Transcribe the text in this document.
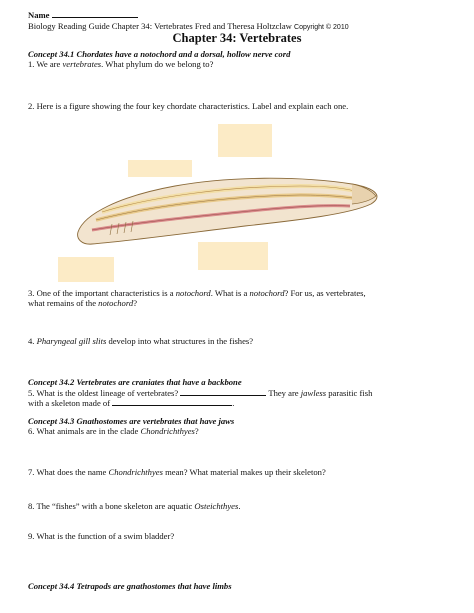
Name
Biology Reading Guide Chapter 34: Vertebrates Fred and Theresa Holtzclaw Copyright © 2010
Chapter 34: Vertebrates
Concept 34.1 Chordates have a notochord and a dorsal, hollow nerve cord
1. We are vertebrates. What phylum do we belong to?
2. Here is a figure showing the four key chordate characteristics. Label and explain each one.
3. One of the important characteristics is a notochord. What is a notochord? For us, as vertebrates,
what remains of the notochord?
4. Pharyngeal gill slits develop into what structures in the fishes?
Concept 34.2 Vertebrates are craniates that have a backbone
5. What is the oldest lineage of vertebrates?	They are jawless parasitic fish
with a skeleton made of	.
Concept 34.3 Gnathostomes are vertebrates that have jaws
6. What animals are in the clade Chondrichthyes?
7. What does the name Chondrichthyes mean? What material makes up their skeleton?
8. The “fishes” with a bone skeleton are aquatic Osteichthyes.
9. What is the function of a swim bladder?
Concept 34.4 Tetrapods are gnathostomes that have limbs
